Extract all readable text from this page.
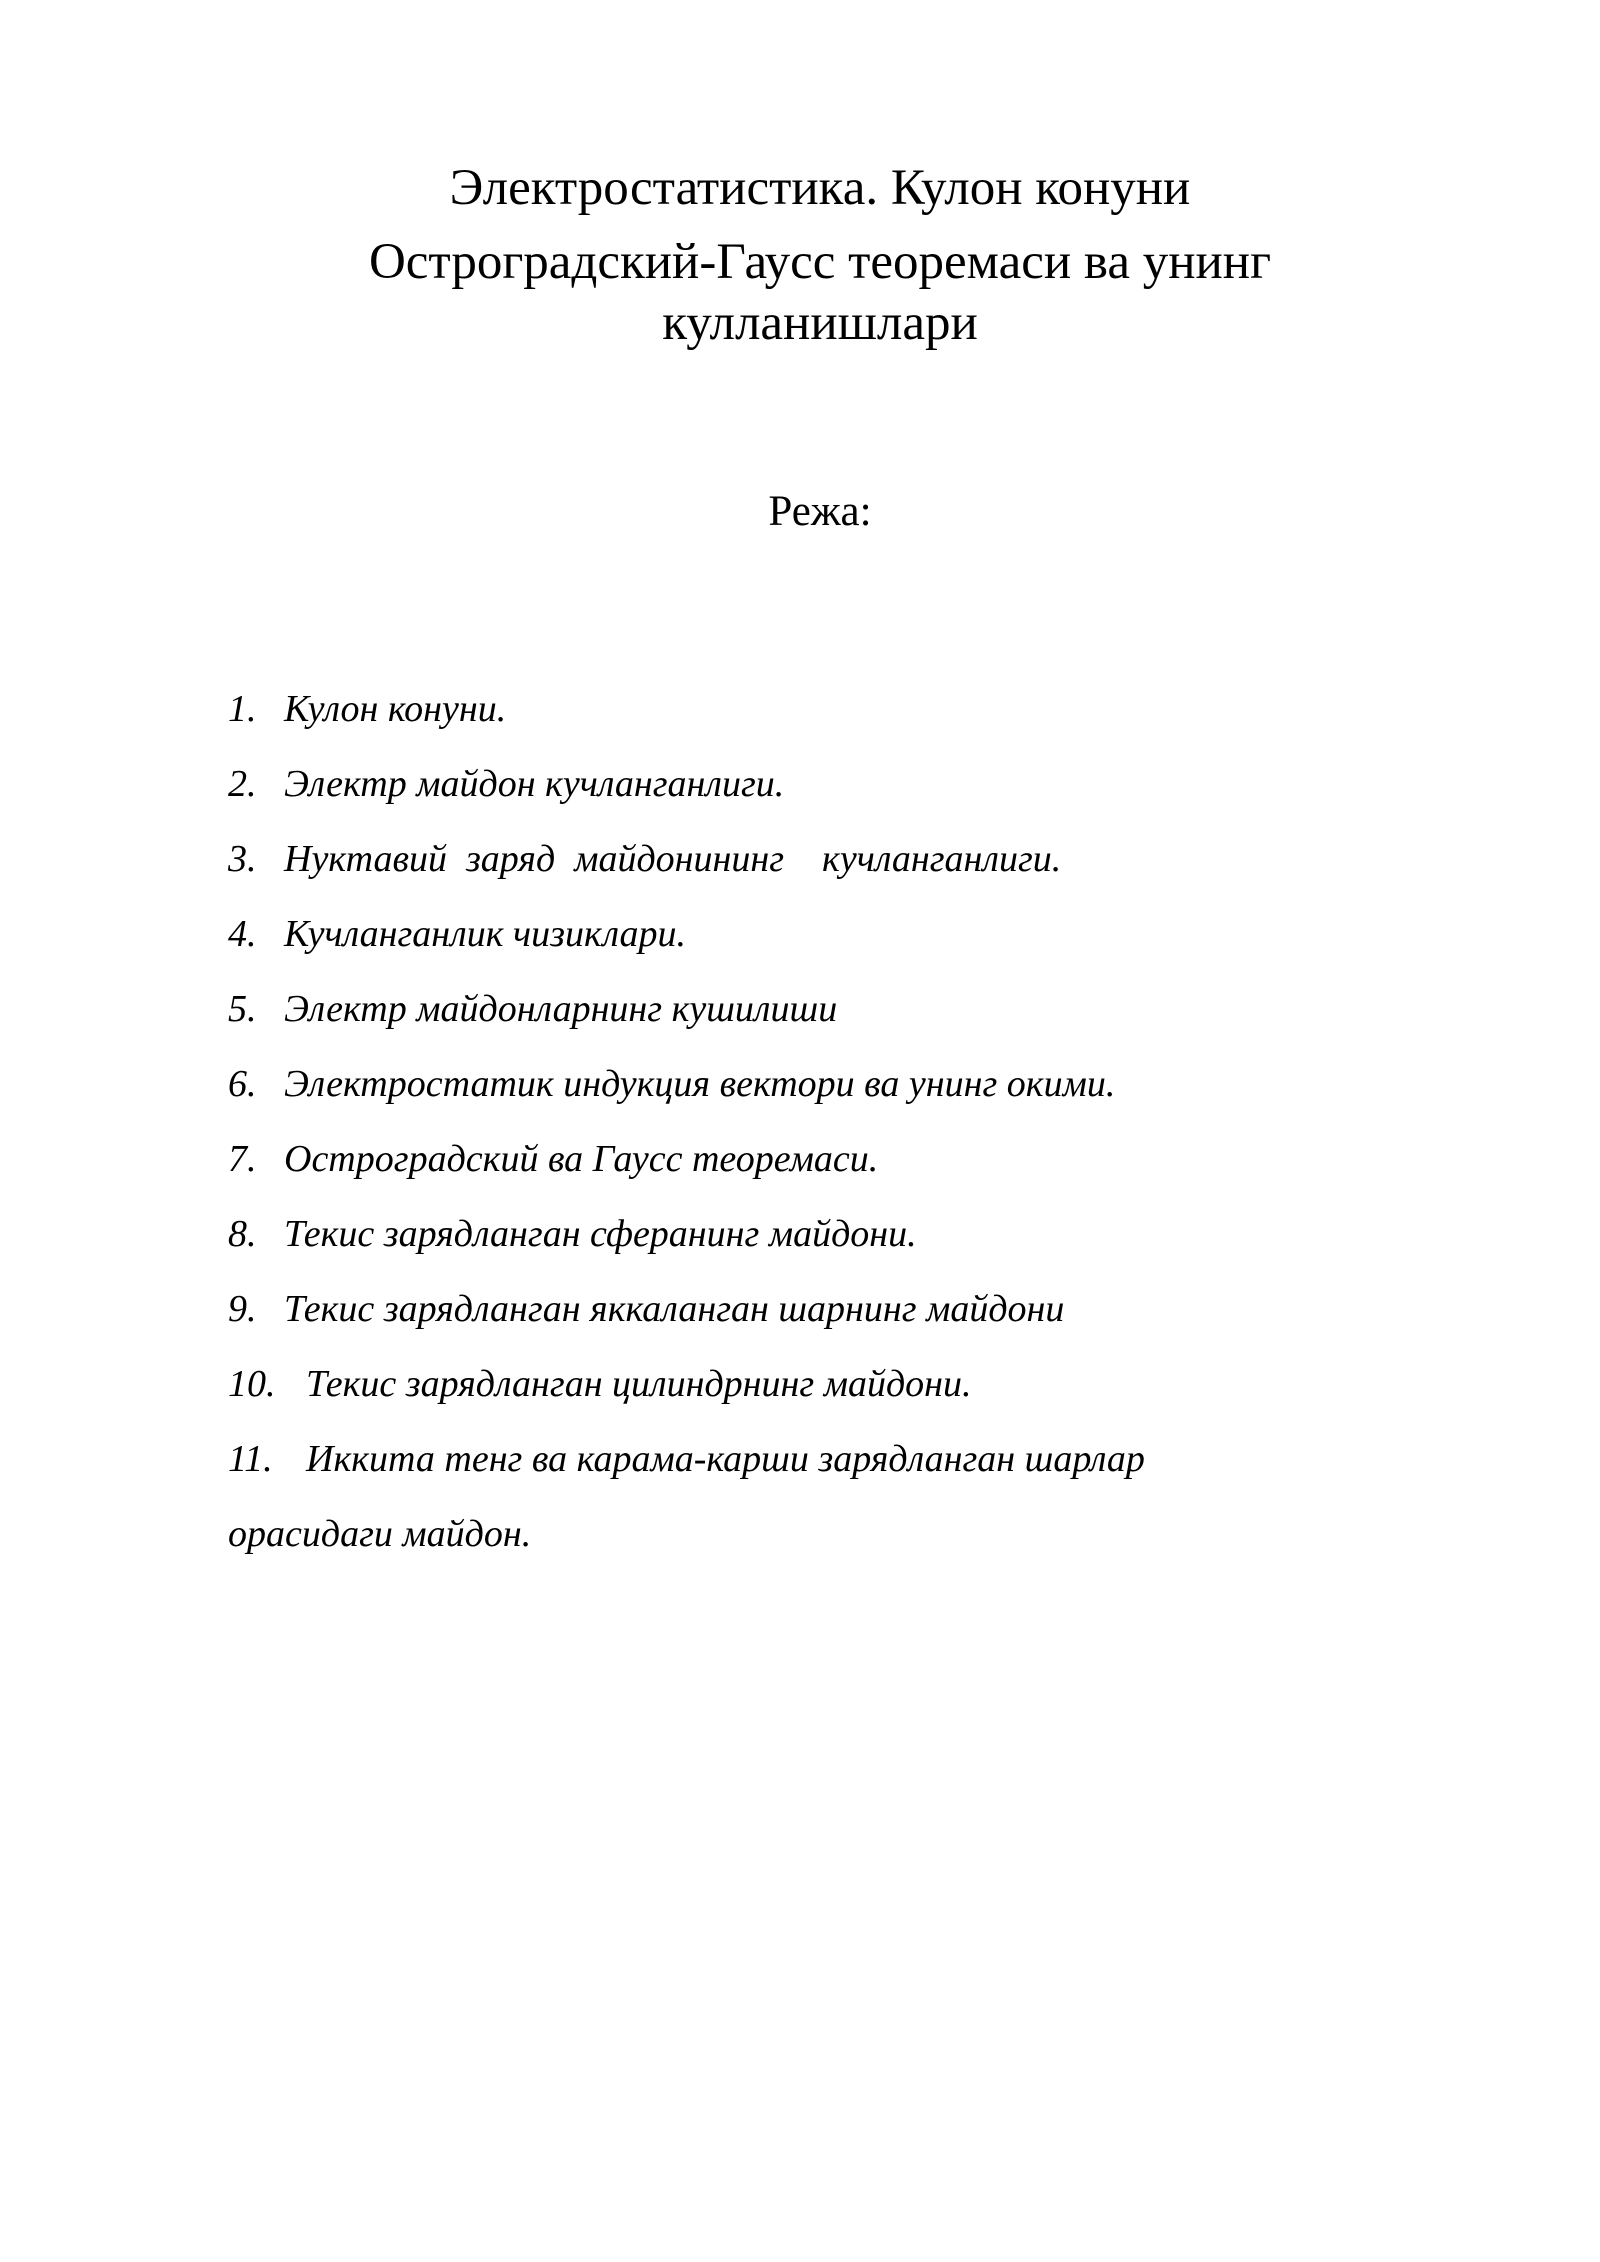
Электростатистика. Кулон конуни
Остроградский-Гаусс теоремаси ва унинг
кулланишлари
Режа:
1. Кулон конуни.
2. Электр майдон кучланганлиги.
3. Нуктавий  заряд  майдонининг    кучланганлиги.
4. Кучланганлик чизиклари.
5. Электр майдонларнинг кушилиши
6. Электростатик индукция вектори ва унинг окими.
7. Остроградский ва Гаусс теоремаси.
8. Текис зарядланган сферанинг майдони.
9. Текис зарядланган яккаланган шарнинг майдони
10. Текис зарядланган цилиндрнинг майдони.
11. Иккита тенг ва карама-карши зарядланган шарлар
орасидаги майдон.
